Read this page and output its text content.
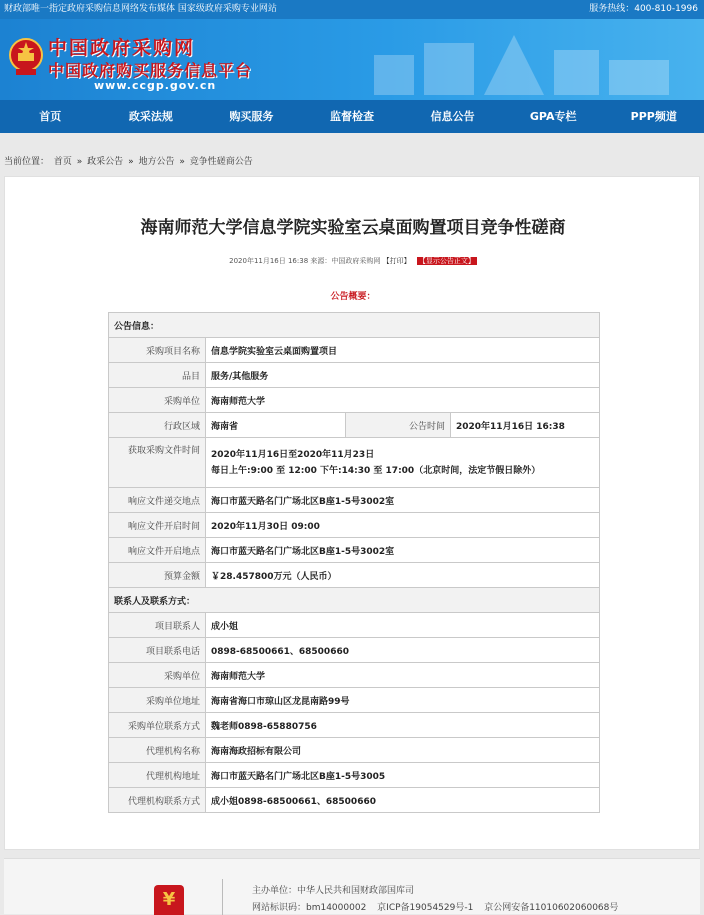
财政部唯一指定政府采购信息网络发布媒体 国家级政府采购专业网站	服务热线：400-810-1996
中国政府采购网
中国政府购买服务信息平台
www.ccgp.gov.cn
首页	政采法规	购买服务	监督检查	信息公告	GPA专栏	PPP频道
当前位置： 首页 » 政采公告 » 地方公告 » 竞争性磋商公告
海南师范大学信息学院实验室云桌面购置项目竞争性磋商
2020年11月16日 16:38 来源：中国政府采购网 【打印】 【显示公告正文】
公告概要：
公告信息：			
采购项目名称	信息学院实验室云桌面购置项目		
品目	服务/其他服务		
采购单位	海南师范大学		
行政区域	海南省	公告时间	2020年11月16日 16:38
获取采购文件时间	2020年11月16日至2020年11月23日
每日上午:9:00 至 12:00 下午:14:30 至 17:00（北京时间，法定节假日除外）		

响应文件递交地点	海口市蓝天路名门广场北区B座1-5号3002室		
响应文件开启时间	2020年11月30日 09:00		
响应文件开启地点	海口市蓝天路名门广场北区B座1-5号3002室		
预算金额	￥28.457800万元（人民币）		
联系人及联系方式：			
项目联系人	成小姐		
项目联系电话	0898-68500661、68500660		
采购单位	海南师范大学		
采购单位地址	海南省海口市琼山区龙昆南路99号		
采购单位联系方式	魏老师0898-65880756		
代理机构名称	海南海政招标有限公司		
代理机构地址	海口市蓝天路名门广场北区B座1-5号3005		
代理机构联系方式	成小姐0898-68500661、68500660		
¥	主办单位：中华人民共和国财政部国库司
网站标识码：bm14000002 京ICP备19054529号-1 京公网安备11010602060068号
